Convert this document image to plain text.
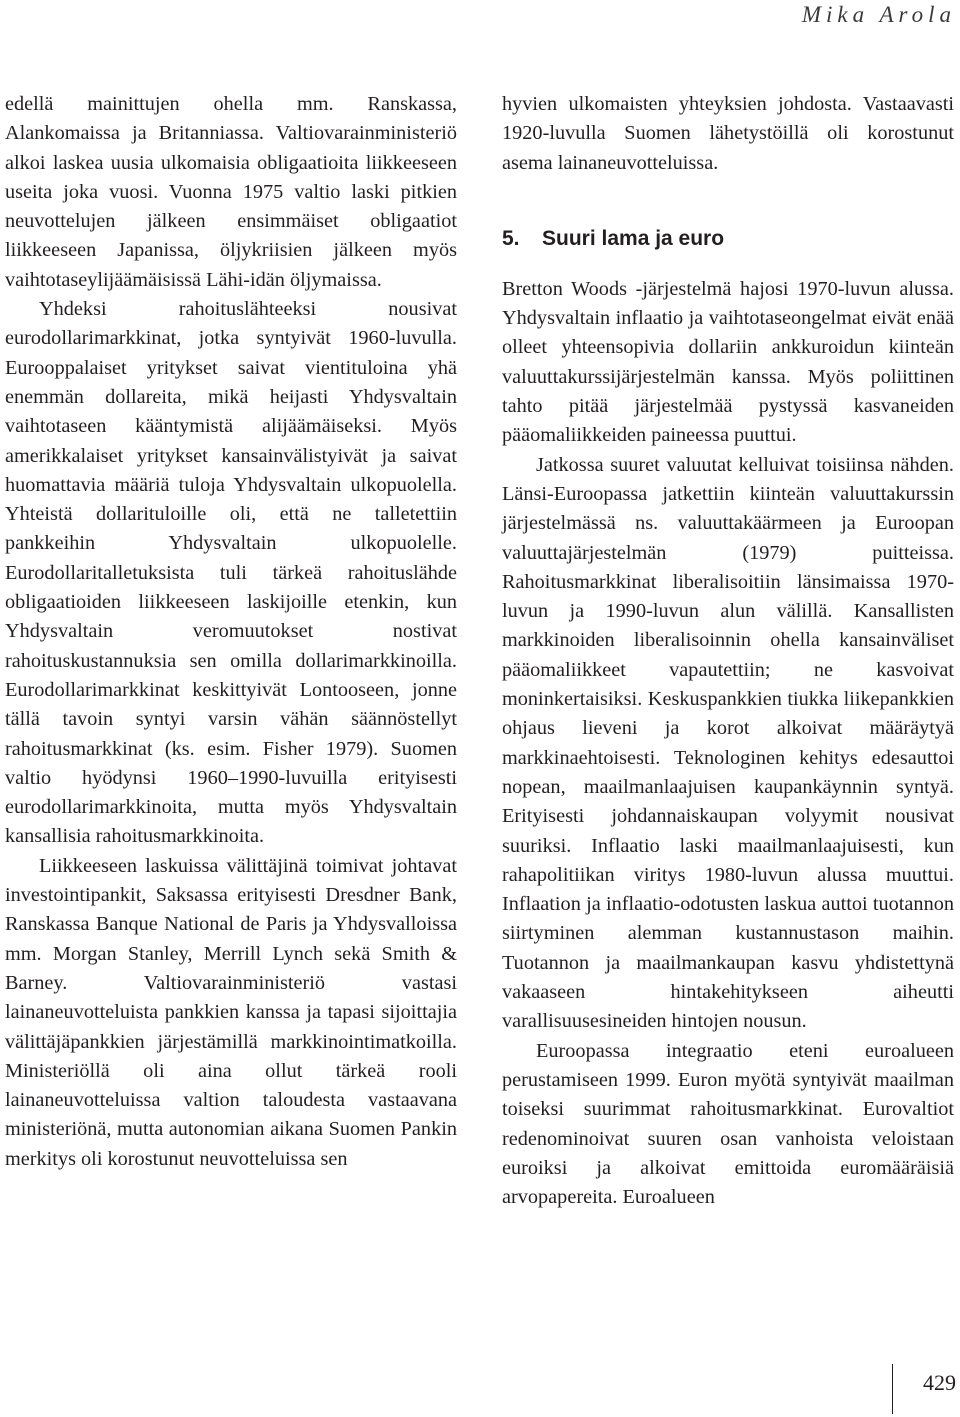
Mika Arola

edellä mainittujen ohella mm. Ranskassa, Alankomaissa ja Britanniassa. Valtiovarainministeriö alkoi laskea uusia ulkomaisia obligaatioita liikkeeseen useita joka vuosi. Vuonna 1975 valtio laski pitkien neuvottelujen jälkeen ensimmäiset obligaatiot liikkeeseen Japanissa, öljykriisien jälkeen myös vaihtotaseylijäämäisissä Lähi-idän öljymaissa.

Yhdeksi rahoituslähteeksi nousivat eurodollarimarkkinat, jotka syntyivät 1960-luvulla. Eurooppalaiset yritykset saivat vientituloina yhä enemmän dollareita, mikä heijasti Yhdysvaltain vaihtotaseen kääntymistä alijäämäiseksi. Myös amerikkalaiset yritykset kansainvälistyivät ja saivat huomattavia määriä tuloja Yhdysvaltain ulkopuolella. Yhteistä dollarituloille oli, että ne talletettiin pankkeihin Yhdysvaltain ulkopuolelle. Eurodollaritalletuksista tuli tärkeä rahoituslähde obligaatioiden liikkeeseen laskijoille etenkin, kun Yhdysvaltain veromuutokset nostivat rahoituskustannuksia sen omilla dollarimarkkinoilla. Eurodollarimarkkinat keskittyivät Lontooseen, jonne tällä tavoin syntyi varsin vähän säännöstellyt rahoitusmarkkinat (ks. esim. Fisher 1979). Suomen valtio hyödynsi 1960–1990-luvuilla erityisesti eurodollarimarkkinoita, mutta myös Yhdysvaltain kansallisia rahoitusmarkkinoita.

Liikkeeseen laskuissa välittäjinä toimivat johtavat investointipankit, Saksassa erityisesti Dresdner Bank, Ranskassa Banque National de Paris ja Yhdysvalloissa mm. Morgan Stanley, Merrill Lynch sekä Smith & Barney. Valtiovarainministeriö vastasi lainaneuvotteluista pankkien kanssa ja tapasi sijoittajia välittäjäpankkien järjestämillä markkinointimatkoilla. Ministeriöllä oli aina ollut tärkeä rooli lainaneuvotteluissa valtion taloudesta vastaavana ministeriönä, mutta autonomian aikana Suomen Pankin merkitys oli korostunut neuvotteluissa sen

hyvien ulkomaisten yhteyksien johdosta. Vastaavasti 1920-luvulla Suomen lähetystöillä oli korostunut asema lainaneuvotteluissa.

5. Suuri lama ja euro

Bretton Woods -järjestelmä hajosi 1970-luvun alussa. Yhdysvaltain inflaatio ja vaihtotaseongelmat eivät enää olleet yhteensopivia dollariin ankkuroidun kiinteän valuuttakurssijärjestelmän kanssa. Myös poliittinen tahto pitää järjestelmää pystyssä kasvaneiden pääomaliikkeiden paineessa puuttui.

Jatkossa suuret valuutat kelluivat toisiinsa nähden. Länsi-Euroopassa jatkettiin kiinteän valuuttakurssin järjestelmässä ns. valuuttakäärmeen ja Euroopan valuuttajärjestelmän (1979) puitteissa. Rahoitusmarkkinat liberalisoitiin länsimaissa 1970-luvun ja 1990-luvun alun välillä. Kansallisten markkinoiden liberalisoinnin ohella kansainväliset pääomaliikkeet vapautettiin; ne kasvoivat moninkertaisiksi. Keskuspankkien tiukka liikepankkien ohjaus lieveni ja korot alkoivat määräytyä markkinaehtoisesti. Teknologinen kehitys edesauttoi nopean, maailmanlaajuisen kaupankäynnin syntyä. Erityisesti johdannaiskaupan volyymit nousivat suuriksi. Inflaatio laski maailmanlaajuisesti, kun rahapolitiikan viritys 1980-luvun alussa muuttui. Inflaation ja inflaatio-odotusten laskua auttoi tuotannon siirtyminen alemman kustannustason maihin. Tuotannon ja maailmankaupan kasvu yhdistettynä vakaaseen hintakehitykseen aiheutti varallisuusesineiden hintojen nousun.

Euroopassa integraatio eteni euroalueen perustamiseen 1999. Euron myötä syntyivät maailman toiseksi suurimmat rahoitusmarkkinat. Eurovaltiot redenominoivat suuren osan vanhoista veloistaan euroiksi ja alkoivat emittoida euromääräisiä arvopapereita. Euroalueen

429
